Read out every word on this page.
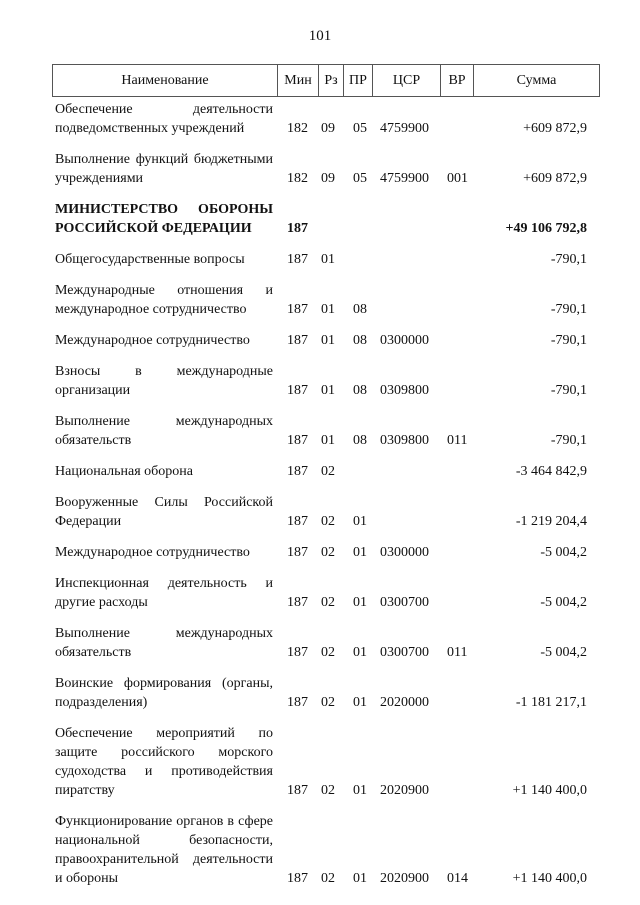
101
Наименование	Мин Рз ПР	ЦСР	ВР	Сумма
Обеспечение деятельности подведомственных учреждений	182 09 05 4759900	+609 872,9
Выполнение функций бюджетными учреждениями	182 09 05 4759900 001	+609 872,9
МИНИСТЕРСТВО ОБОРОНЫ РОССИЙСКОЙ ФЕДЕРАЦИИ	187	+49 106 792,8
Общегосударственные вопросы	187 01	-790,1
Международные отношения и международное сотрудничество	187 01 08	-790,1
Международное сотрудничество	187 01 08 0300000	-790,1
Взносы в международные организации	187 01 08 0309800	-790,1
Выполнение международных обязательств	187 01 08 0309800 011	-790,1
Национальная оборона	187 02	-3 464 842,9
Вооруженные Силы Российской Федерации	187 02 01	-1 219 204,4
Международное сотрудничество	187 02 01 0300000	-5 004,2
Инспекционная деятельность и другие расходы	187 02 01 0300700	-5 004,2
Выполнение международных обязательств	187 02 01 0300700 011	-5 004,2
Воинские формирования (органы, подразделения)	187 02 01 2020000	-1 181 217,1
Обеспечение мероприятий по защите российского морского судоходства и противодействия пиратству	187 02 01 2020900	+1 140 400,0
Функционирование органов в сфере национальной безопасности, правоохранительной деятельности и обороны	187 02 01 2020900 014	+1 140 400,0
